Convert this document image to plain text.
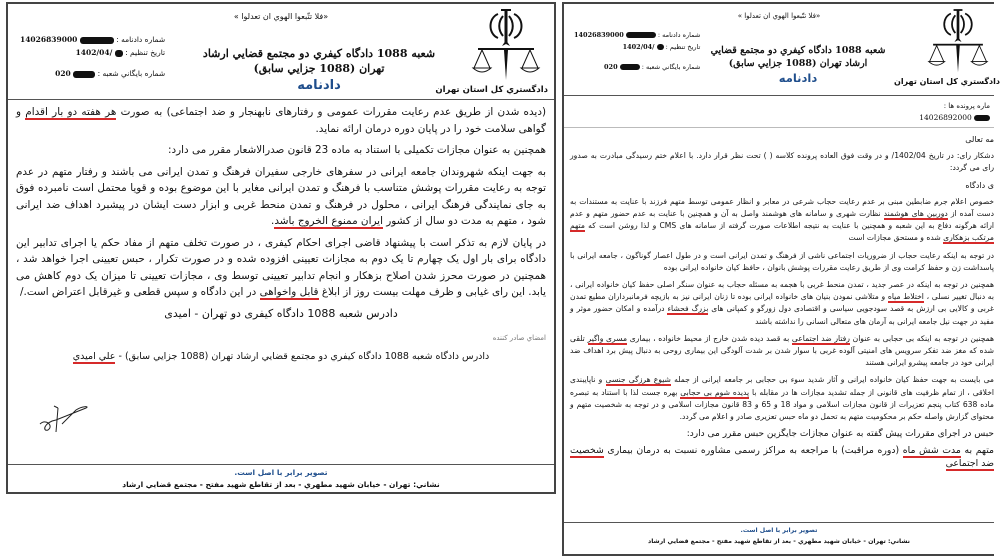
دادگستري كل استان تهران
«فلا تتّبعوا الهوي ان تعدلوا »
شعبه 1088 دادگاه كيفري دو مجتمع قضايي ارشاد تهران (1088 جزايي سابق)
دادنامه
شماره دادنامه :  14026839000
تاريخ تنظيم :  1402/04/
شماره بايگاني شعبه :  020

(دیده شدن از طریق عدم رعایت مقررات عمومی و رفتارهای نابهنجار و ضد اجتماعی) به صورت هر هفته دو بار اقدام و گواهی سلامت خود را در پایان دوره درمان ارائه نماید.

همچنین به عنوان مجازات تکمیلی با استناد به ماده 23 قانون صدرالاشعار مقرر می دارد:

به جهت اینکه شهروندان جامعه ایرانی در سفرهای خارجی سفیران فرهنگ و تمدن ایرانی می باشند و رفتار متهم در عدم توجه به رعایت مقررات پوشش متناسب با فرهنگ و تمدن ایرانی مغایر با این موضوع بوده و قویا محتمل است نامبرده فوق به جای نمایندگی فرهنگ ایرانی ، محلول در فرهنگ و تمدن منحط غربی و ابزار دست ایشان در پیشبرد اهداف ضد ایرانی شود ، متهم به مدت دو سال از کشور ایران ممنوع الخروج باشد.

در پایان لازم به تذکر است با پیشنهاد قاضی اجرای احکام کیفری ، در صورت تخلف متهم از مفاد حکم یا اجرای تدابیر این دادگاه برای بار اول یک چهارم تا یک دوم به مجازات تعیینی افزوده شده و در صورت تکرار ، حبس تعیینی اجرا خواهد شد ، همچنین در صورت محرز شدن اصلاح بزهکار و انجام تدابیر تعیینی توسط وی ، مجازات تعیینی تا میزان یک دوم کاهش می یابد. این رای غیابی و ظرف مهلت بیست روز از ابلاغ قابل واخواهی در این دادگاه و سپس قطعی و غیرقابل اعتراض است./

دادرس شعبه 1088 دادگاه کیفری دو تهران - امیدی
امضاي صادر كننده
دادرس دادگاه شعبه 1088 دادگاه كيفري دو مجتمع قضايي ارشاد تهران (1088 جزايي سابق) - علي اميدي
تصوير برابر با اصل است.
نشاني: تهران - خيابان شهيد مطهري - بعد از تقاطع شهيد مفتح - مجتمع قضايي ارشاد
دادگستري كل استان تهران
«فلا تتّبعوا الهوي ان تعدلوا »
شعبه 1088 دادگاه كيفري دو مجتمع قضايي ارشاد تهران (1088 جزايي سابق)
دادنامه
شماره دادنامه :  14026839000
تاريخ تنظيم :  1402/04/
شماره بايگاني شعبه :  020
ماره پرونده ها :
14026892000

مه تعالی

دشکار رای: در تاریخ 1402/04/ و در وقت فوق العاده پرونده کلاسه ( ) تحت نظر قرار دارد. با اعلام ختم رسیدگی مبادرت به صدور رای می گردد:

ی دادگاه

خصوص اعلام جرم ضابطین مبنی بر عدم رعایت حجاب شرعی در معابر و انظار عمومی توسط متهم فرزند با عنایت به مستندات به دست آمده از دوربین های هوشمند نظارت شهری و سامانه های هوشمند واصل به آن و همچنین با عنایت به عدم حضور متهم و عدم ارائه هرگونه دفاع به این شعبه و همچنین با عنایت به نتیجه اطلاعات صورت گرفته از سامانه های CMS و لذا روشن است که متهم مرتکب بزهکاری شده و مستحق مجازات است

در توجه به اینکه رعایت حجاب از ضروریات اجتماعی ناشی از فرهنگ و تمدن ایرانی است و در طول اعصار گوناگون ، جامعه ایرانی با پاسداشت زن و حفظ کرامت وی از طریق رعایت مقررات پوشش بانوان ، حافظ کیان خانواده ایرانی بوده

همچنین در توجه به اینکه در عصر جدید ، تمدن منحط غربی با هجمه به مسئله حجاب به عنوان سنگر اصلی حفظ کیان خانواده ایرانی ، به دنبال تغییر نسلی ، اختلاط میاه و متلاشی نمودن بنیان های خانواده ایرانی بوده تا زنان ایرانی نیز به بازیچه فرمانبرداران مطیع تمدن غربی و کالایی بی ارزش به قصد سودجویی سیاسی و اقتصادی دول زورگو و کمپانی های بزرگ فحشاء درآمده و امکان حضور موثر و مفید در جهت نیل جامعه ایرانی به آرمان های متعالی انسانی را نداشته باشند

همچنین در توجه به اینکه بی حجابی به عنوان رفتار ضد اجتماعی به قصد دیده شدن خارج از محیط خانواده ، بیماری مسری واگیر تلقی شده که مغز ضد تفکر سرویس های امنیتی آلوده غربی با سوار شدن بر شدت آلودگی این بیماری روحی به دنبال پیش برد اهداف ضد ایرانی خود در جامعه پیشرو ایرانی هستند

می بایست به جهت حفظ کیان خانواده ایرانی و آثار شدید سوء بی حجابی بر جامعه ایرانی از جمله شیوع هرزگی جنسی و ناپایبندی اخلاقی ، از تمام ظرفیت های قانونی از جمله تشدید مجازات ها در مقابله با پدیده شوم بی حجابی بهره جست لذا با استناد به تبصره ماده 638 کتاب پنجم تعزیرات از قانون مجازات اسلامی و مواد 18 و 65 و 83 قانون مجازات اسلامی و در توجه به شخصیت متهم و محتوای گزارش واصله حکم بر محکومیت متهم به تحمل دو ماه حبس تعزیری صادر و اعلام می گردد.

حبس در اجرای مقررات پیش گفته به عنوان مجازات جایگزین حبس مقرر می دارد:

متهم به مدت شش ماه (دوره مراقبت) با مراجعه به مراکز رسمی مشاوره نسبت به درمان بیماری شخصیت ضد اجتماعی

تصوير برابر با اصل است.
نشاني: تهران - خيابان شهيد مطهري - بعد از تقاطع شهيد مفتح - مجتمع قضايي ارشاد
